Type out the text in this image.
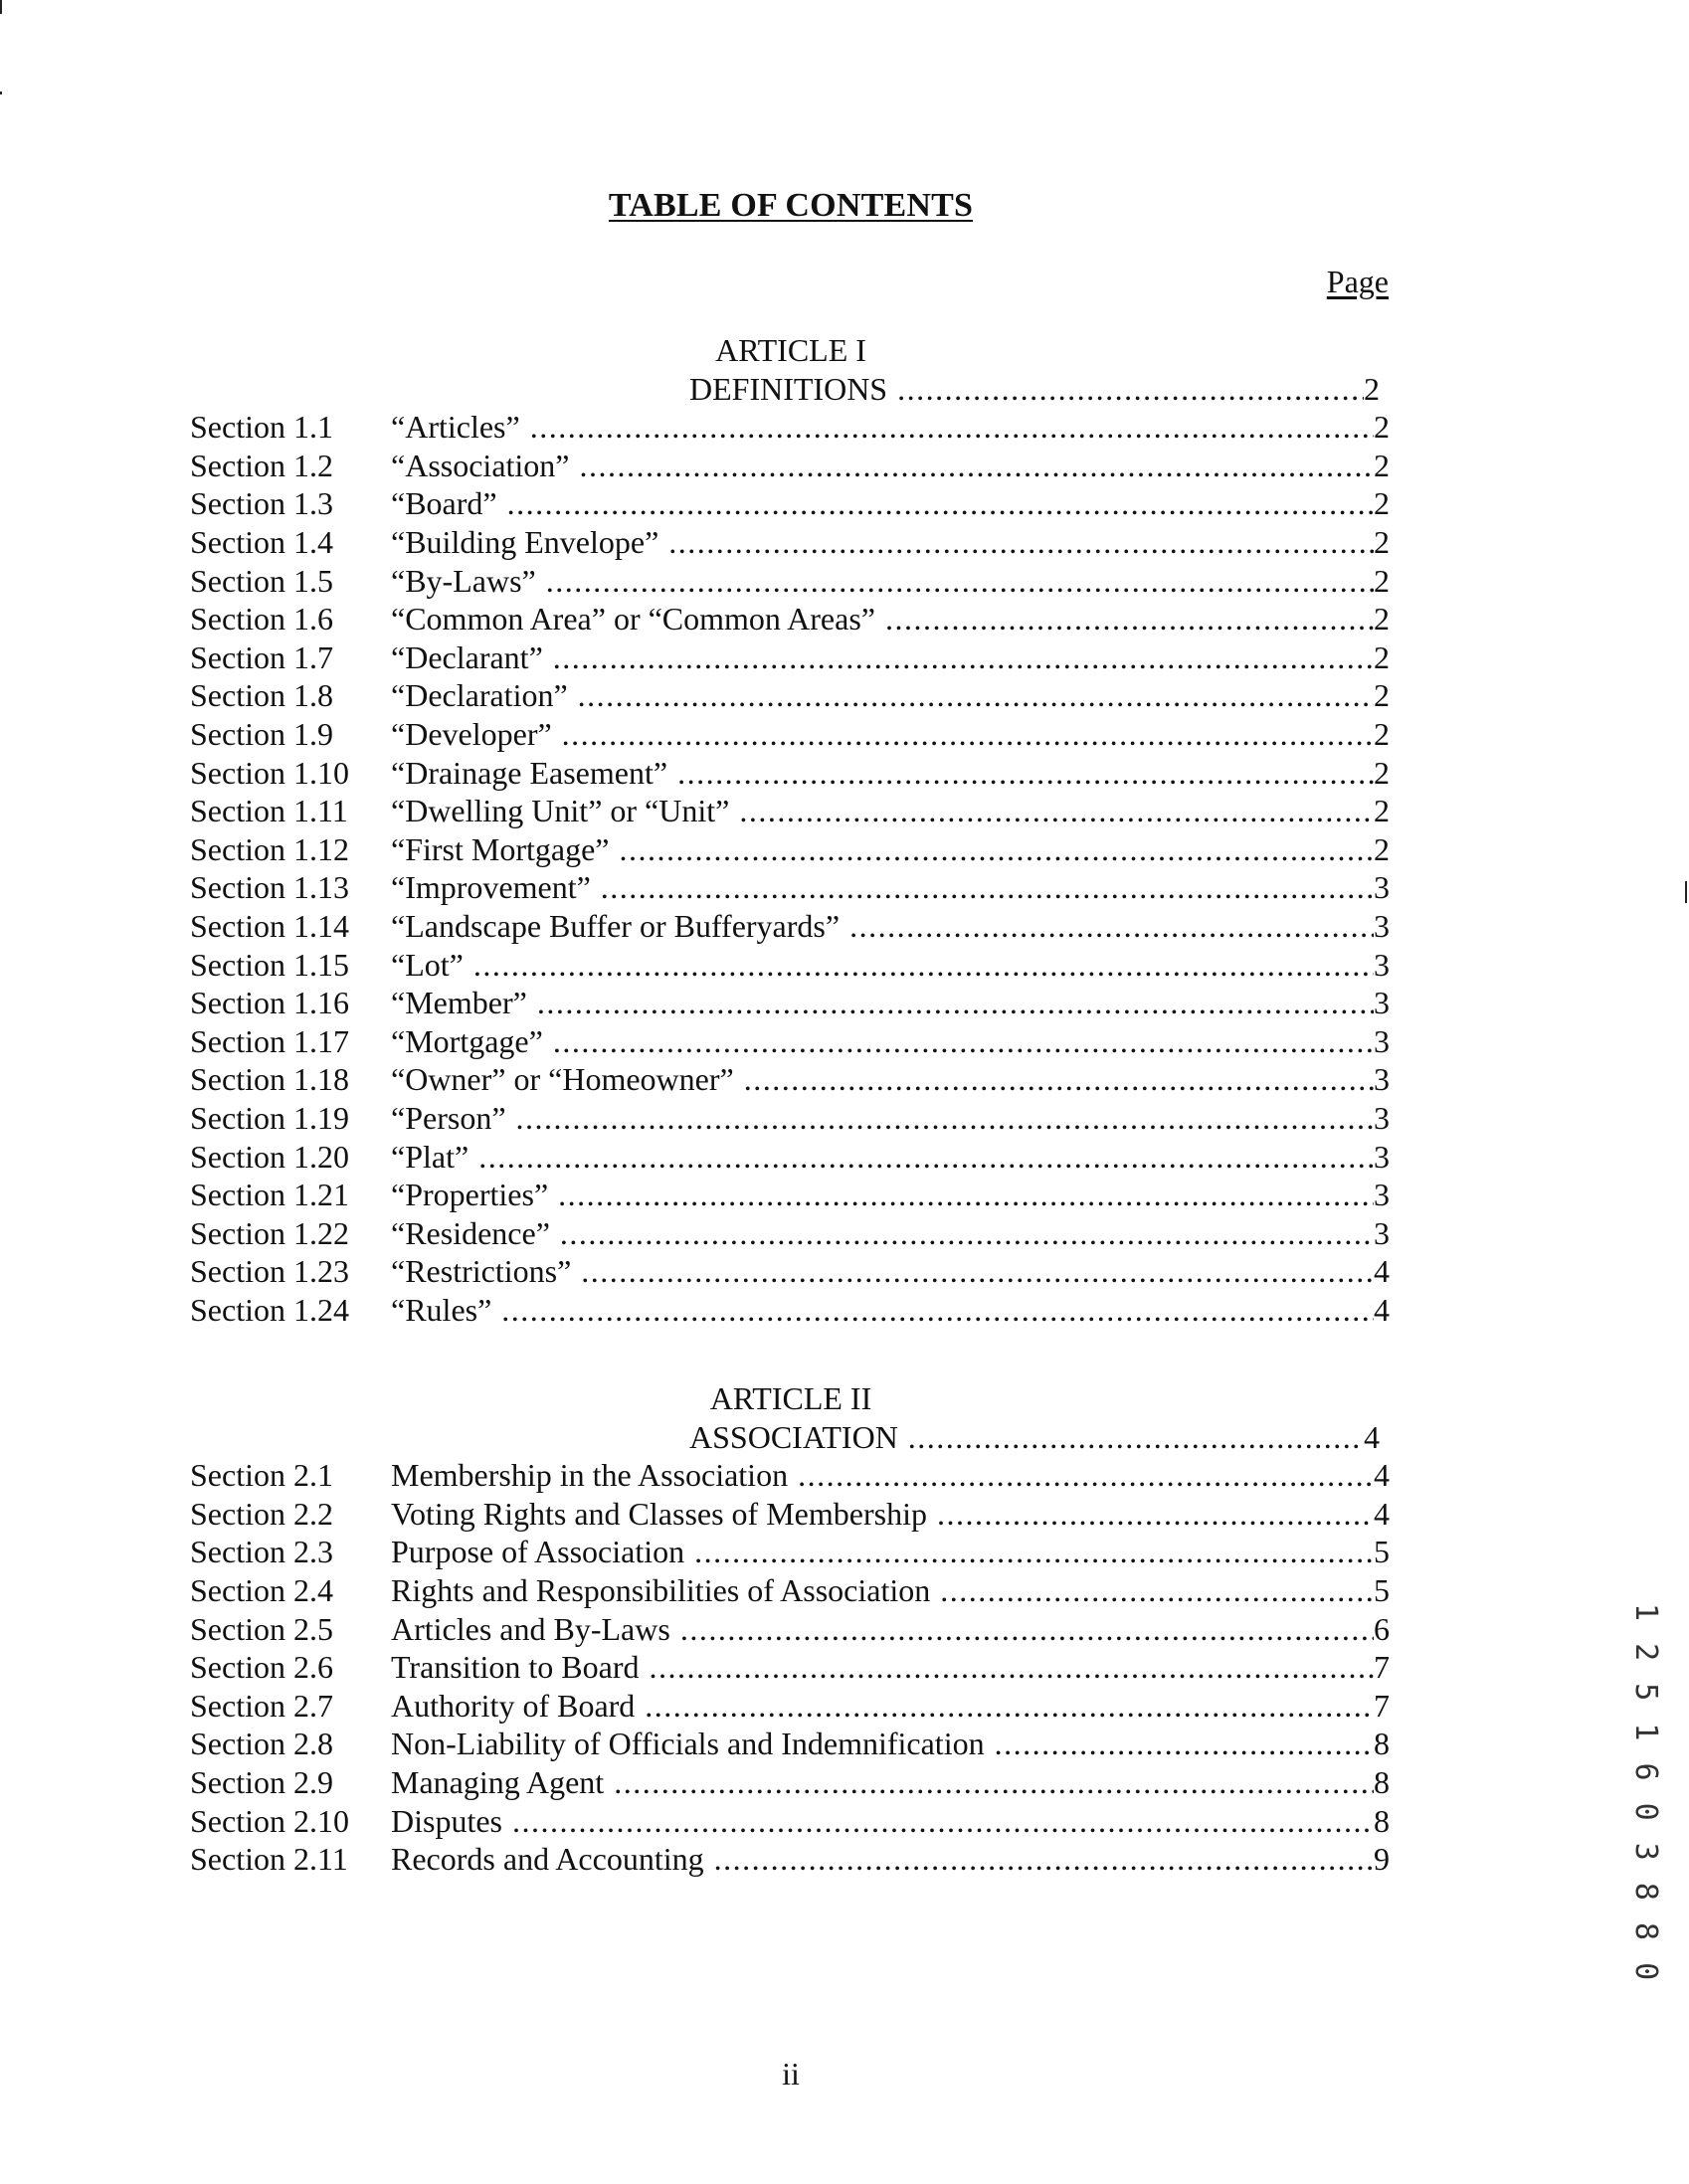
TABLE OF CONTENTS
Page
ARTICLE I
DEFINITIONS .....	2
Section 1.1	“Articles” .....	2
Section 1.2	“Association” .....	2
Section 1.3	“Board” .....	2
Section 1.4	“Building Envelope” .....	2
Section 1.5	“By-Laws” .....	2
Section 1.6	“Common Area” or “Common Areas” .....	2
Section 1.7	“Declarant” .....	2
Section 1.8	“Declaration” .....	2
Section 1.9	“Developer” .....	2
Section 1.10	“Drainage Easement” .....	2
Section 1.11	“Dwelling Unit” or “Unit” .....	2
Section 1.12	“First Mortgage” .....	2
Section 1.13	“Improvement” .....	3
Section 1.14	“Landscape Buffer or Bufferyards” .....	3
Section 1.15	“Lot” .....	3
Section 1.16	“Member” .....	3
Section 1.17	“Mortgage” .....	3
Section 1.18	“Owner” or “Homeowner” .....	3
Section 1.19	“Person” .....	3
Section 1.20	“Plat” .....	3
Section 1.21	“Properties” .....	3
Section 1.22	“Residence” .....	3
Section 1.23	“Restrictions” .....	4
Section 1.24	“Rules” .....	4
ARTICLE II
ASSOCIATION .....	4
Section 2.1	Membership in the Association .....	4
Section 2.2	Voting Rights and Classes of Membership .....	4
Section 2.3	Purpose of Association .....	5
Section 2.4	Rights and Responsibilities of Association .....	5
Section 2.5	Articles and By-Laws .....	6
Section 2.6	Transition to Board .....	7
Section 2.7	Authority of Board .....	7
Section 2.8	Non-Liability of Officials and Indemnification .....	8
Section 2.9	Managing Agent .....	8
Section 2.10	Disputes .....	8
Section 2.11	Records and Accounting .....	9
ii
1 2 5 1 6 0 3 8 8 0
